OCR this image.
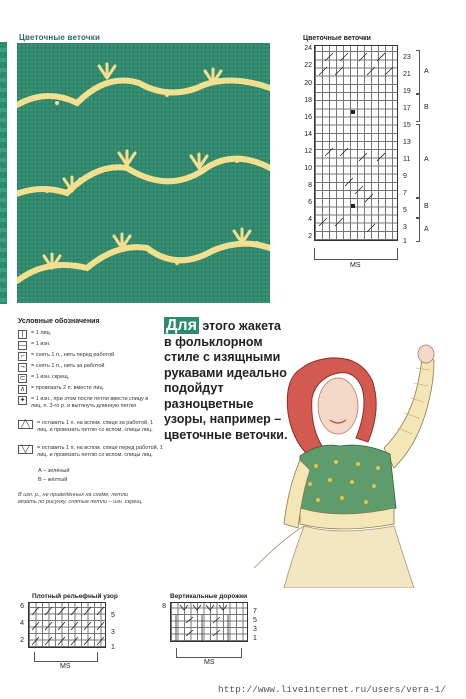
Цветочные веточки	Цветочные веточки
24
22
20
18
16
14
12
10
8
6
4
2
23
21
19
17
15
13
11
9
7
5
3
1
A
B
A
B
A
MS
Условные обозначения
|	= 1 лиц.
— = 1 изн.
⌐	= снять 1 п., нить перед работой
¬	= снять 1 п., нить за работой
⊂ = 1 изн. скрещ.
∧	= провязать 2 п. вместе лиц.
✦ = 1 изн., при этом после петли ввести спицу в лиц. п. 3-го р. и вытянуть длинную петлю
╱╲	= оставить 1 п. на вспом. спице за работой, 1 лиц. и провязать петлю со вспом. спицы лиц.
╲╱	= оставить 1 п. на вспом. спице перед работой, 1 лиц. и провязать петлю со вспом. спицы лиц.
А – зелёный
В – жёлтый
В изн. р., не приведённых на схеме, петли вязать по рисунку, снятые петли – изн. скрещ.
Для этого жакета в фольклорном стиле с изящными рукавами идеально подойдут разноцветные узоры, например – цветочные веточки.
Плотный рельефный узор
6
4
2
5
3
1
MS
Вертикальные дорожки
8
7
5
3
1
MS
http://www.liveinternet.ru/users/vera-1/
